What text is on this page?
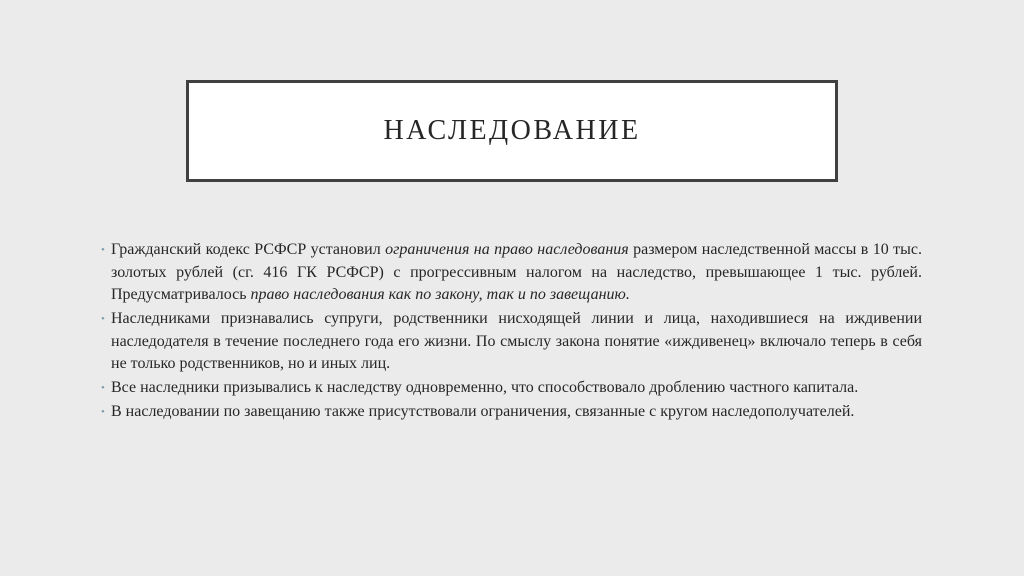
НАСЛЕДОВАНИЕ
• Гражданский кодекс РСФСР установил ограничения на право наследования размером наследственной массы в 10 тыс. золотых рублей (сг. 416 ГК РСФСР) с прогрессивным налогом на наследство, превышающее 1 тыс. рублей. Предусматривалось право наследования как по закону, так и по завещанию.
• Наследниками признавались супруги, родственники нисходящей линии и лица, находившиеся на иждивении наследодателя в течение последнего года его жизни. По смыслу закона понятие «иждивенец» включало теперь в себя не только родственников, но и иных лиц.
• Все наследники призывались к наследству одновременно, что способствовало дроблению частного капитала.
• В наследовании по завещанию также присутствовали ограничения, связанные с кругом наследополучателей.
